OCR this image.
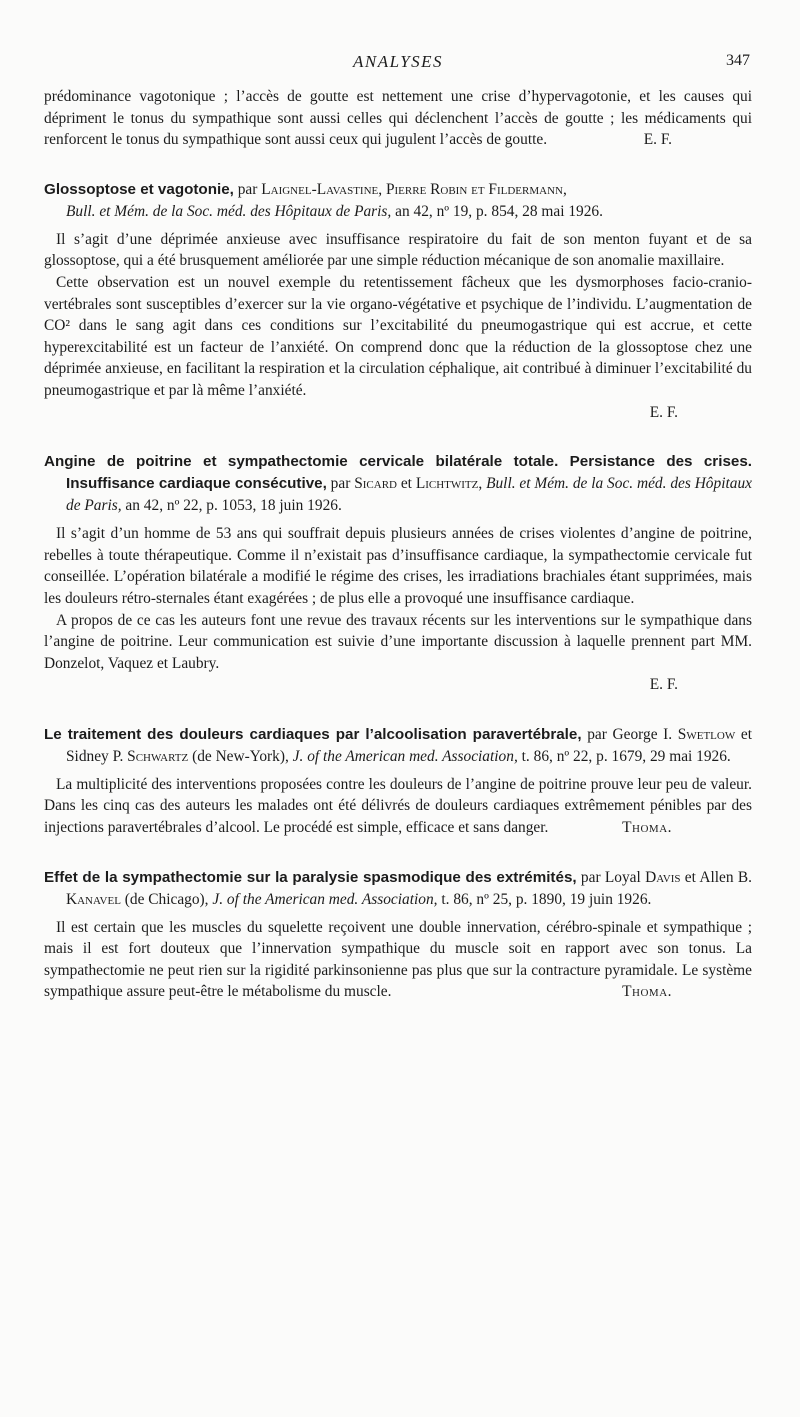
ANALYSES	347

prédominance vagotonique ; l’accès de goutte est nettement une crise d’hypervagotonie, et les causes qui dépriment le tonus du sympathique sont aussi celles qui déclenchent l’accès de goutte ; les médicaments qui renforcent le tonus du sympathique sont aussi ceux qui jugulent l’accès de goutte.	E. F.

Glossoptose et vagotonie, par Laignel-Lavastine, Pierre Robin et Fildermann,
Bull. et Mém. de la Soc. méd. des Hôpitaux de Paris, an 42, nº 19, p. 854, 28 mai 1926.

Il s’agit d’une déprimée anxieuse avec insuffisance respiratoire du fait de son menton fuyant et de sa glossoptose, qui a été brusquement améliorée par une simple réduction mécanique de son anomalie maxillaire.

Cette observation est un nouvel exemple du retentissement fâcheux que les dysmorphoses facio-cranio-vertébrales sont susceptibles d’exercer sur la vie organo-végétative et psychique de l’individu. L’augmentation de CO² dans le sang agit dans ces conditions sur l’excitabilité du pneumogastrique qui est accrue, et cette hyperexcitabilité est un facteur de l’anxiété. On comprend donc que la réduction de la glossoptose chez une déprimée anxieuse, en facilitant la respiration et la circulation céphalique, ait contribué à diminuer l’excitabilité du pneumogastrique et par là même l’anxiété.

E. F.

Angine de poitrine et sympathectomie cervicale bilatérale totale. Persistance des crises. Insuffisance cardiaque consécutive, par Sicard et Lichtwitz, Bull. et Mém. de la Soc. méd. des Hôpitaux de Paris, an 42, nº 22, p. 1053, 18 juin 1926.

Il s’agit d’un homme de 53 ans qui souffrait depuis plusieurs années de crises violentes d’angine de poitrine, rebelles à toute thérapeutique. Comme il n’existait pas d’insuffisance cardiaque, la sympathectomie cervicale fut conseillée. L’opération bilatérale a modifié le régime des crises, les irradiations brachiales étant supprimées, mais les douleurs rétro-sternales étant exagérées ; de plus elle a provoqué une insuffisance cardiaque.

A propos de ce cas les auteurs font une revue des travaux récents sur les interventions sur le sympathique dans l’angine de poitrine. Leur communication est suivie d’une importante discussion à laquelle prennent part MM. Donzelot, Vaquez et Laubry.

E. F.

Le traitement des douleurs cardiaques par l’alcoolisation paravertébrale, par George I. Swetlow et Sidney P. Schwartz (de New-York), J. of the American med. Association, t. 86, nº 22, p. 1679, 29 mai 1926.

La multiplicité des interventions proposées contre les douleurs de l’angine de poitrine prouve leur peu de valeur. Dans les cinq cas des auteurs les malades ont été délivrés de douleurs cardiaques extrêmement pénibles par des injections paravertébrales d’alcool. Le procédé est simple, efficace et sans danger.	Thoma.

Effet de la sympathectomie sur la paralysie spasmodique des extrémités, par Loyal Davis et Allen B. Kanavel (de Chicago), J. of the American med. Association, t. 86, nº 25, p. 1890, 19 juin 1926.

Il est certain que les muscles du squelette reçoivent une double innervation, cérébro-spinale et sympathique ; mais il est fort douteux que l’innervation sympathique du muscle soit en rapport avec son tonus. La sympathectomie ne peut rien sur la rigidité parkinsonienne pas plus que sur la contracture pyramidale. Le système sympathique assure peut-être le métabolisme du muscle.	Thoma.
